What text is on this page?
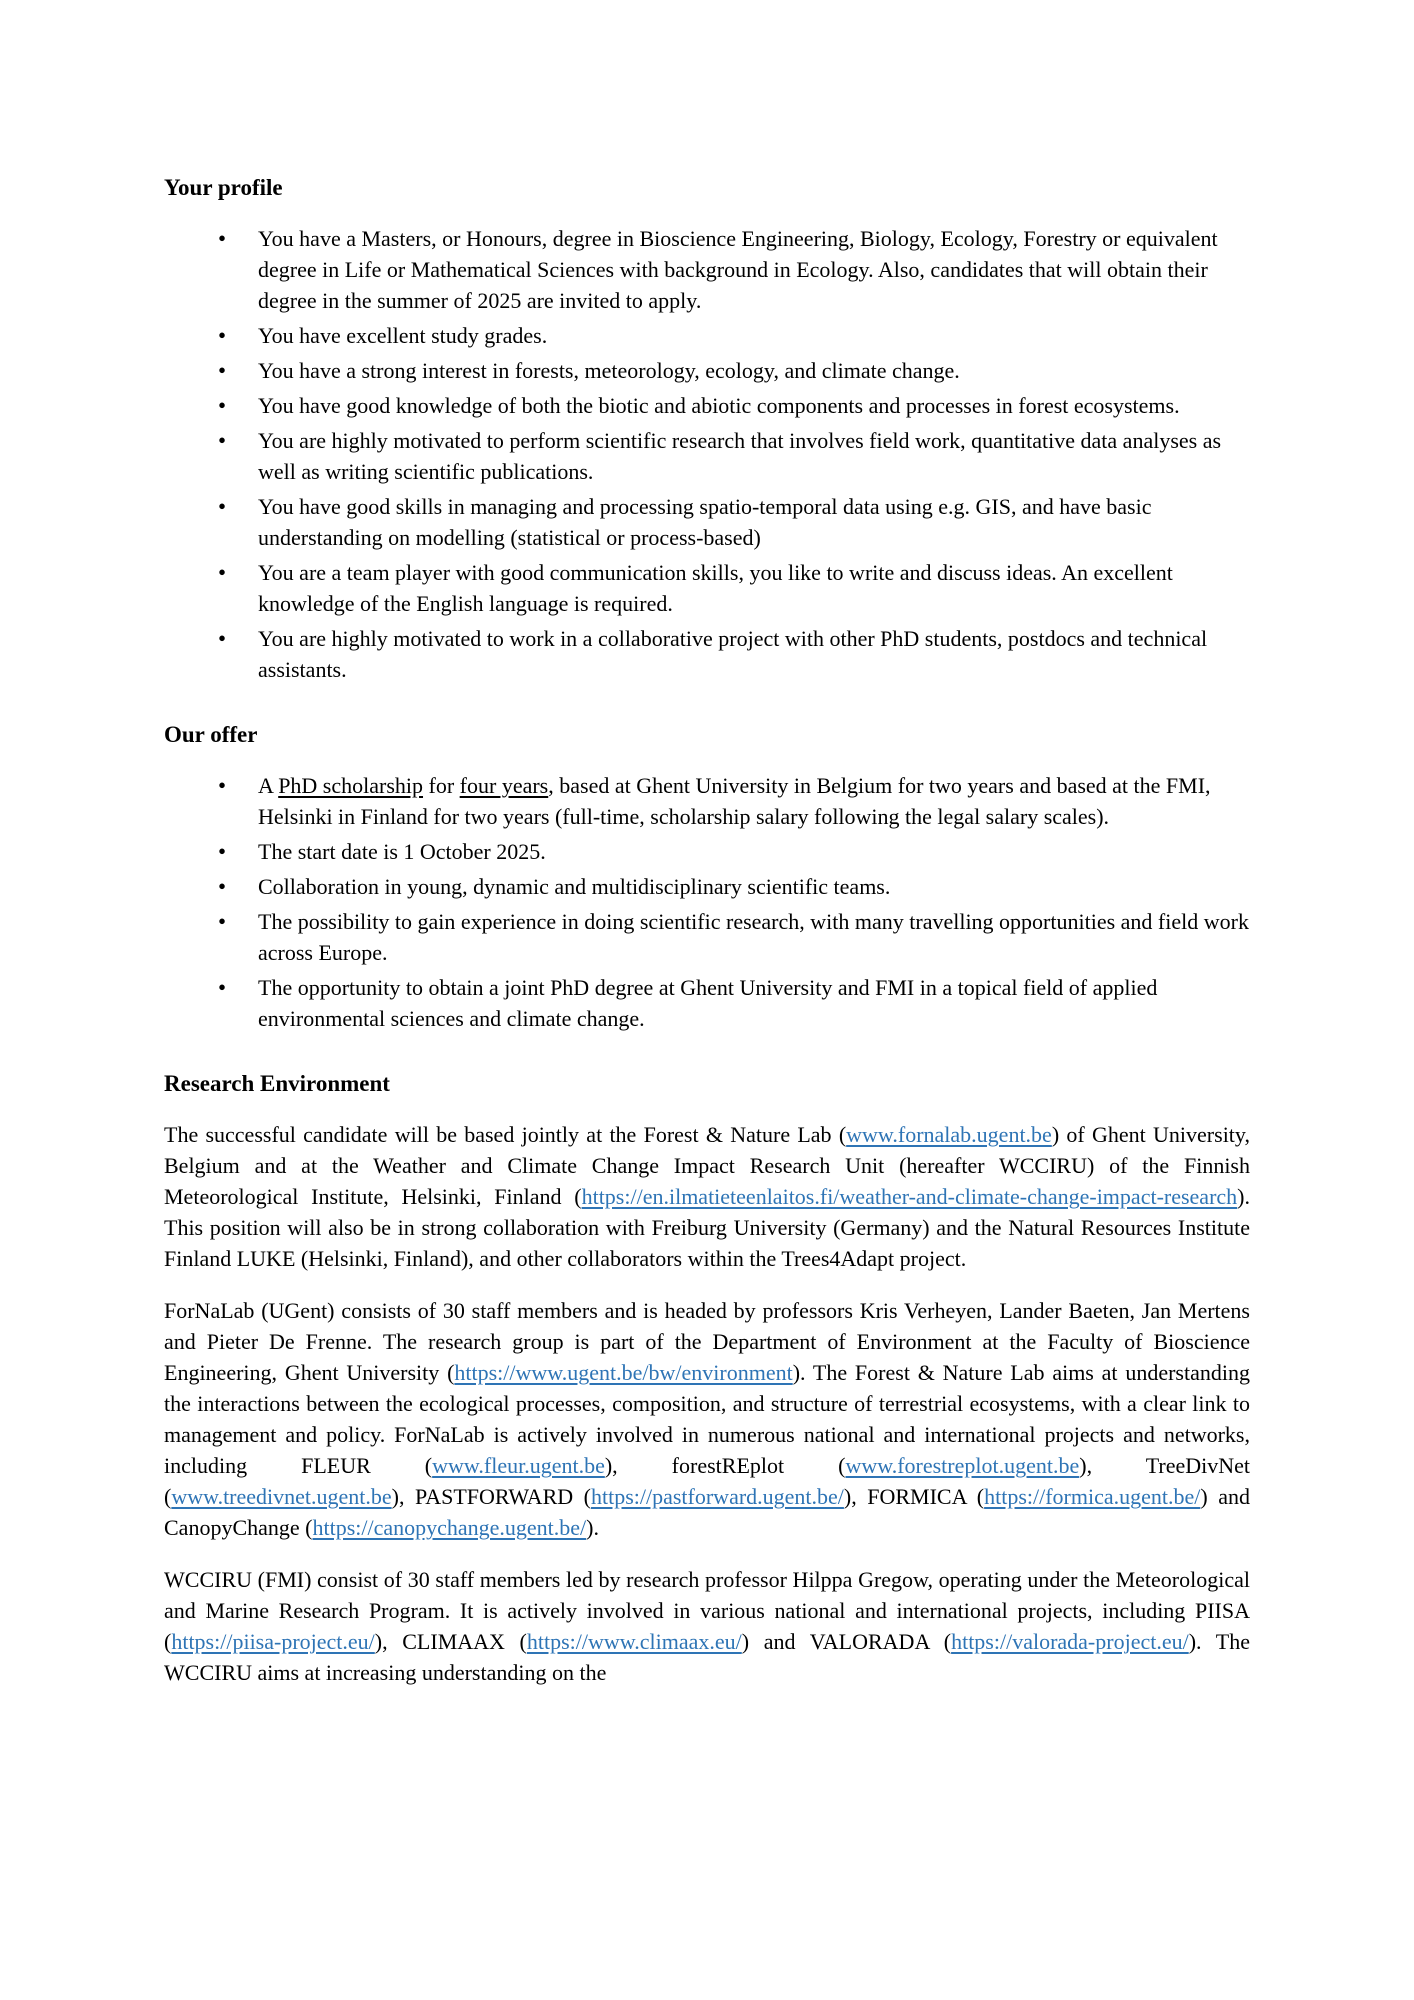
Your profile
• You have a Masters, or Honours, degree in Bioscience Engineering, Biology, Ecology, Forestry or equivalent degree in Life or Mathematical Sciences with background in Ecology. Also, candidates that will obtain their degree in the summer of 2025 are invited to apply.
• You have excellent study grades.
• You have a strong interest in forests, meteorology, ecology, and climate change.
• You have good knowledge of both the biotic and abiotic components and processes in forest ecosystems.
• You are highly motivated to perform scientific research that involves field work, quantitative data analyses as well as writing scientific publications.
• You have good skills in managing and processing spatio-temporal data using e.g. GIS, and have basic understanding on modelling (statistical or process-based)
• You are a team player with good communication skills, you like to write and discuss ideas. An excellent knowledge of the English language is required.
• You are highly motivated to work in a collaborative project with other PhD students, postdocs and technical assistants.
Our offer
• A PhD scholarship for four years, based at Ghent University in Belgium for two years and based at the FMI, Helsinki in Finland for two years (full-time, scholarship salary following the legal salary scales).
• The start date is 1 October 2025.
• Collaboration in young, dynamic and multidisciplinary scientific teams.
• The possibility to gain experience in doing scientific research, with many travelling opportunities and field work across Europe.
• The opportunity to obtain a joint PhD degree at Ghent University and FMI in a topical field of applied environmental sciences and climate change.
Research Environment

The successful candidate will be based jointly at the Forest & Nature Lab (www.fornalab.ugent.be) of Ghent University, Belgium and at the Weather and Climate Change Impact Research Unit (hereafter WCCIRU) of the Finnish Meteorological Institute, Helsinki, Finland (https://en.ilmatieteenlaitos.fi/weather-and-climate-change-impact-research). This position will also be in strong collaboration with Freiburg University (Germany) and the Natural Resources Institute Finland LUKE (Helsinki, Finland), and other collaborators within the Trees4Adapt project.

ForNaLab (UGent) consists of 30 staff members and is headed by professors Kris Verheyen, Lander Baeten, Jan Mertens and Pieter De Frenne. The research group is part of the Department of Environment at the Faculty of Bioscience Engineering, Ghent University (https://www.ugent.be/bw/environment). The Forest & Nature Lab aims at understanding the interactions between the ecological processes, composition, and structure of terrestrial ecosystems, with a clear link to management and policy. ForNaLab is actively involved in numerous national and international projects and networks, including FLEUR (www.fleur.ugent.be), forestREplot (www.forestreplot.ugent.be), TreeDivNet (www.treedivnet.ugent.be), PASTFORWARD (https://pastforward.ugent.be/), FORMICA (https://formica.ugent.be/) and CanopyChange (https://canopychange.ugent.be/).

WCCIRU (FMI) consist of 30 staff members led by research professor Hilppa Gregow, operating under the Meteorological and Marine Research Program. It is actively involved in various national and international projects, including PIISA (https://piisa-project.eu/), CLIMAAX (https://www.climaax.eu/) and VALORADA (https://valorada-project.eu/). The WCCIRU aims at increasing understanding on the
